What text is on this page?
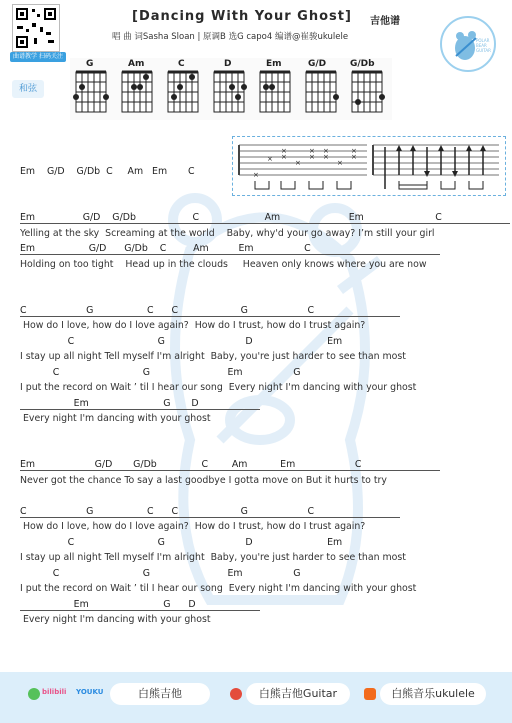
曲谱教学 扫码关注
[Dancing With Your Ghost] 吉他谱
唱 曲 词Sasha Sloan | 原调B 选G capo4 编谱@崔骏ukulele	POLAR BEAR GUITAR
和弦
G	Am	C	D	Em	G/D	G/Db
×
×
×
×
×
×
×
×
×
×
×
×
Em    G/D    G/Db  C     Am   Em       C
Em                G/D    G/Db                   C                      Am                       Em                        C
Yelling at the sky  Screaming at the world    Baby, why'd your go away? I’m still your girl
Em                  G/D      G/Db    C         Am          Em                 C
Holding on too tight    Head up in the clouds     Heaven only knows where you are now
C                    G                  C      C                     G                    C
How do I love, how do I love again?  How do I trust, how do I trust again?
C                            G                           D                         Em
I stay up all night Tell myself I'm alright  Baby, you're just harder to see than most
C                            G                          Em                 G
I put the record on Wait ’ til I hear our song  Every night I'm dancing with your ghost
Em                         G       D
Every night I'm dancing with your ghost
Em                    G/D       G/Db               C        Am           Em                    C
Never got the chance To say a last goodbye I gotta move on But it hurts to try
C                    G                  C      C                     G                    C
How do I love, how do I love again?  How do I trust, how do I trust again?
C                            G                           D                         Em
I stay up all night Tell myself I'm alright  Baby, you're just harder to see than most
C                            G                          Em                 G
I put the record on Wait ’ til I hear our song  Every night I'm dancing with your ghost
Em                         G      D
Every night I'm dancing with your ghost
bilibili YOUKU	白熊吉他	白熊吉他Guitar	白熊音乐ukulele
